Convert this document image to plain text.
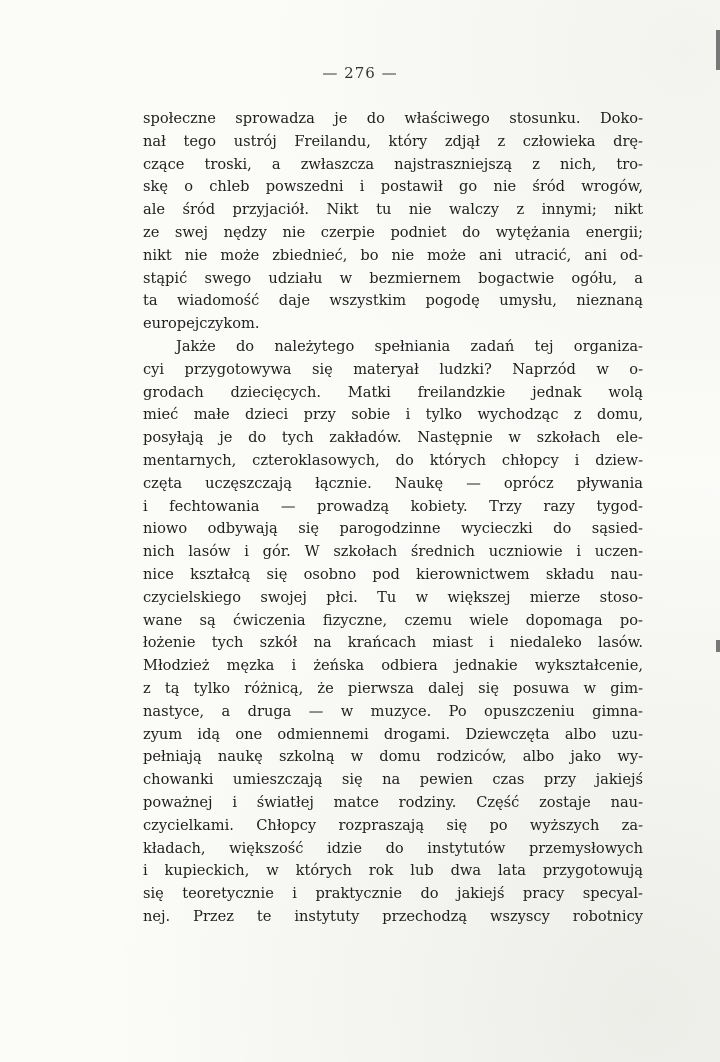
— 276 —
społeczne sprowadza je do właściwego stosunku. Doko-
nał tego ustrój Freilandu, który zdjął z człowieka drę-
czące troski, a zwłaszcza najstraszniejszą z nich, tro-
skę o chleb powszedni i postawił go nie śród wrogów,
ale śród przyjaciół. Nikt tu nie walczy z innymi; nikt
ze swej nędzy nie czerpie podniet do wytężania energii;
nikt nie może zbiednieć, bo nie może ani utracić, ani od-
stąpić swego udziału w bezmiernem bogactwie ogółu, a
ta wiadomość daje wszystkim pogodę umysłu, nieznaną
europejczykom.
Jakże do należytego spełniania zadań tej organiza-
cyi przygotowywa się materyał ludzki? Naprzód w o-
grodach dziecięcych. Matki freilandzkie jednak wolą
mieć małe dzieci przy sobie i tylko wychodząc z domu,
posyłają je do tych zakładów. Następnie w szkołach ele-
mentarnych, czteroklasowych, do których chłopcy i dziew-
częta uczęszczają łącznie. Naukę — oprócz pływania
i fechtowania — prowadzą kobiety. Trzy razy tygod-
niowo odbywają się parogodzinne wycieczki do sąsied-
nich lasów i gór. W szkołach średnich uczniowie i uczen-
nice kształcą się osobno pod kierownictwem składu nau-
czycielskiego swojej płci. Tu w większej mierze stoso-
wane są ćwiczenia fizyczne, czemu wiele dopomaga po-
łożenie tych szkół na krańcach miast i niedaleko lasów.
Młodzież męzka i żeńska odbiera jednakie wykształcenie,
z tą tylko różnicą, że pierwsza dalej się posuwa w gim-
nastyce, a druga — w muzyce. Po opuszczeniu gimna-
zyum idą one odmiennemi drogami. Dziewczęta albo uzu-
pełniają naukę szkolną w domu rodziców, albo jako wy-
chowanki umieszczają się na pewien czas przy jakiejś
poważnej i światłej matce rodziny. Część zostaje nau-
czycielkami. Chłopcy rozpraszają się po wyższych za-
kładach, większość idzie do instytutów przemysłowych
i kupieckich, w których rok lub dwa lata przygotowują
się teoretycznie i praktycznie do jakiejś pracy specyal-
nej. Przez te instytuty przechodzą wszyscy robotnicy
